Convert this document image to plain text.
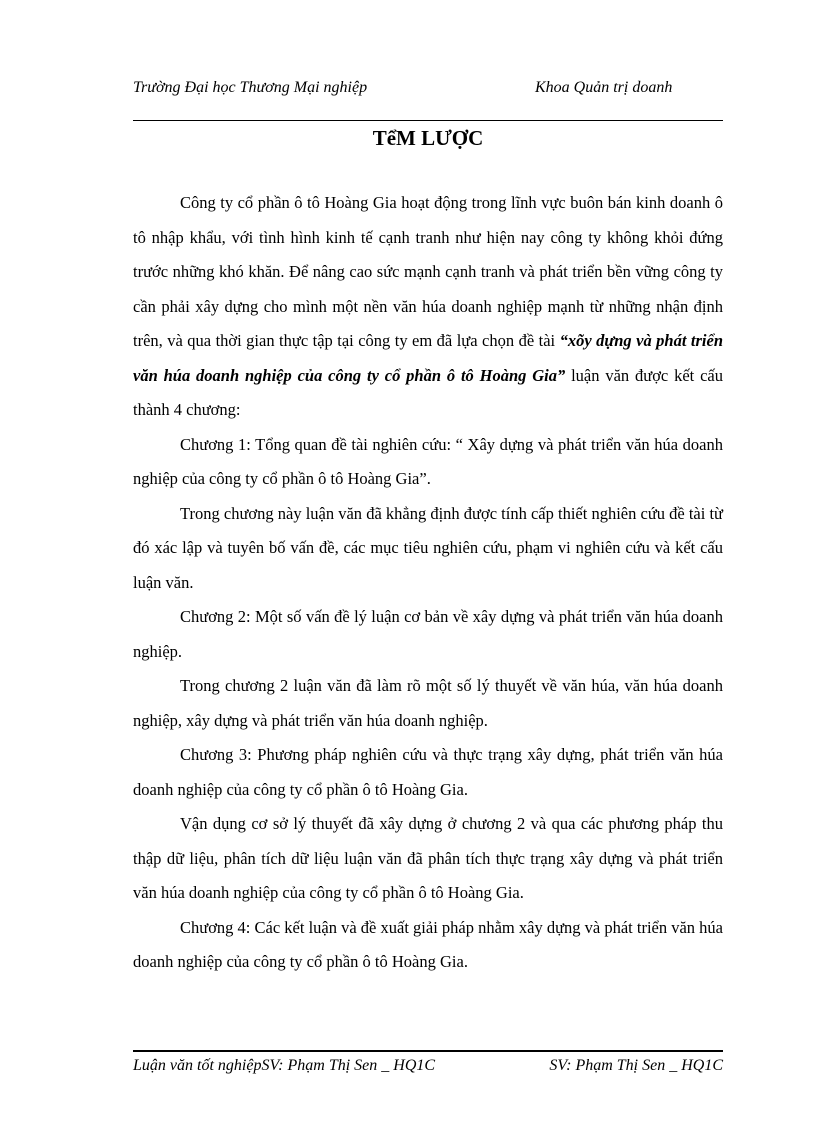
Trường Đại học Thương Mại nghiệp	Khoa Quản trị doanh
TểM LƯỢC

Công ty cổ phần ô tô Hoàng Gia hoạt động trong lĩnh vực buôn bán kinh doanh ô tô nhập khẩu, với tình hình kinh tế cạnh tranh như hiện nay công ty không khỏi đứng trước những khó khăn. Để nâng cao sức mạnh cạnh tranh và phát triển bền vững công ty cần phải xây dựng cho mình một nền văn húa doanh nghiệp mạnh từ những nhận định trên, và qua thời gian thực tập tại công ty em đã lựa chọn đề tài “xõy dựng và phát triển văn húa doanh nghiệp của công ty cổ phần ô tô Hoàng Gia” luận văn được kết cấu thành 4 chương:

Chương 1: Tổng quan đề tài nghiên cứu: “ Xây dựng và phát triển văn húa doanh nghiệp của công ty cổ phần ô tô Hoàng Gia”.

Trong chương này luận văn đã khẳng định được tính cấp thiết nghiên cứu đề tài từ đó xác lập và tuyên bố vấn đề, các mục tiêu nghiên cứu, phạm vi nghiên cứu và kết cấu luận văn.

Chương 2: Một số vấn đề lý luận cơ bản về xây dựng và phát triển văn húa doanh nghiệp.

Trong chương 2 luận văn đã làm rõ một số lý thuyết về văn húa, văn húa doanh nghiệp, xây dựng và phát triển văn húa doanh nghiệp.

Chương 3: Phương pháp nghiên cứu và thực trạng xây dựng, phát triển văn húa doanh nghiệp của công ty cổ phần ô tô Hoàng Gia.

Vận dụng cơ sở lý thuyết đã xây dựng ở chương 2 và qua các phương pháp thu thập dữ liệu, phân tích dữ liệu luận văn đã phân tích thực trạng xây dựng và phát triển văn húa doanh nghiệp của công ty cổ phần ô tô Hoàng Gia.

Chương 4: Các kết luận và đề xuất giải pháp nhằm xây dựng và phát triển văn húa doanh nghiệp của công ty cổ phần ô tô Hoàng Gia.

Luận văn tốt nghiệpSV: Phạm Thị Sen _ HQ1C	SV: Phạm Thị Sen _ HQ1C
